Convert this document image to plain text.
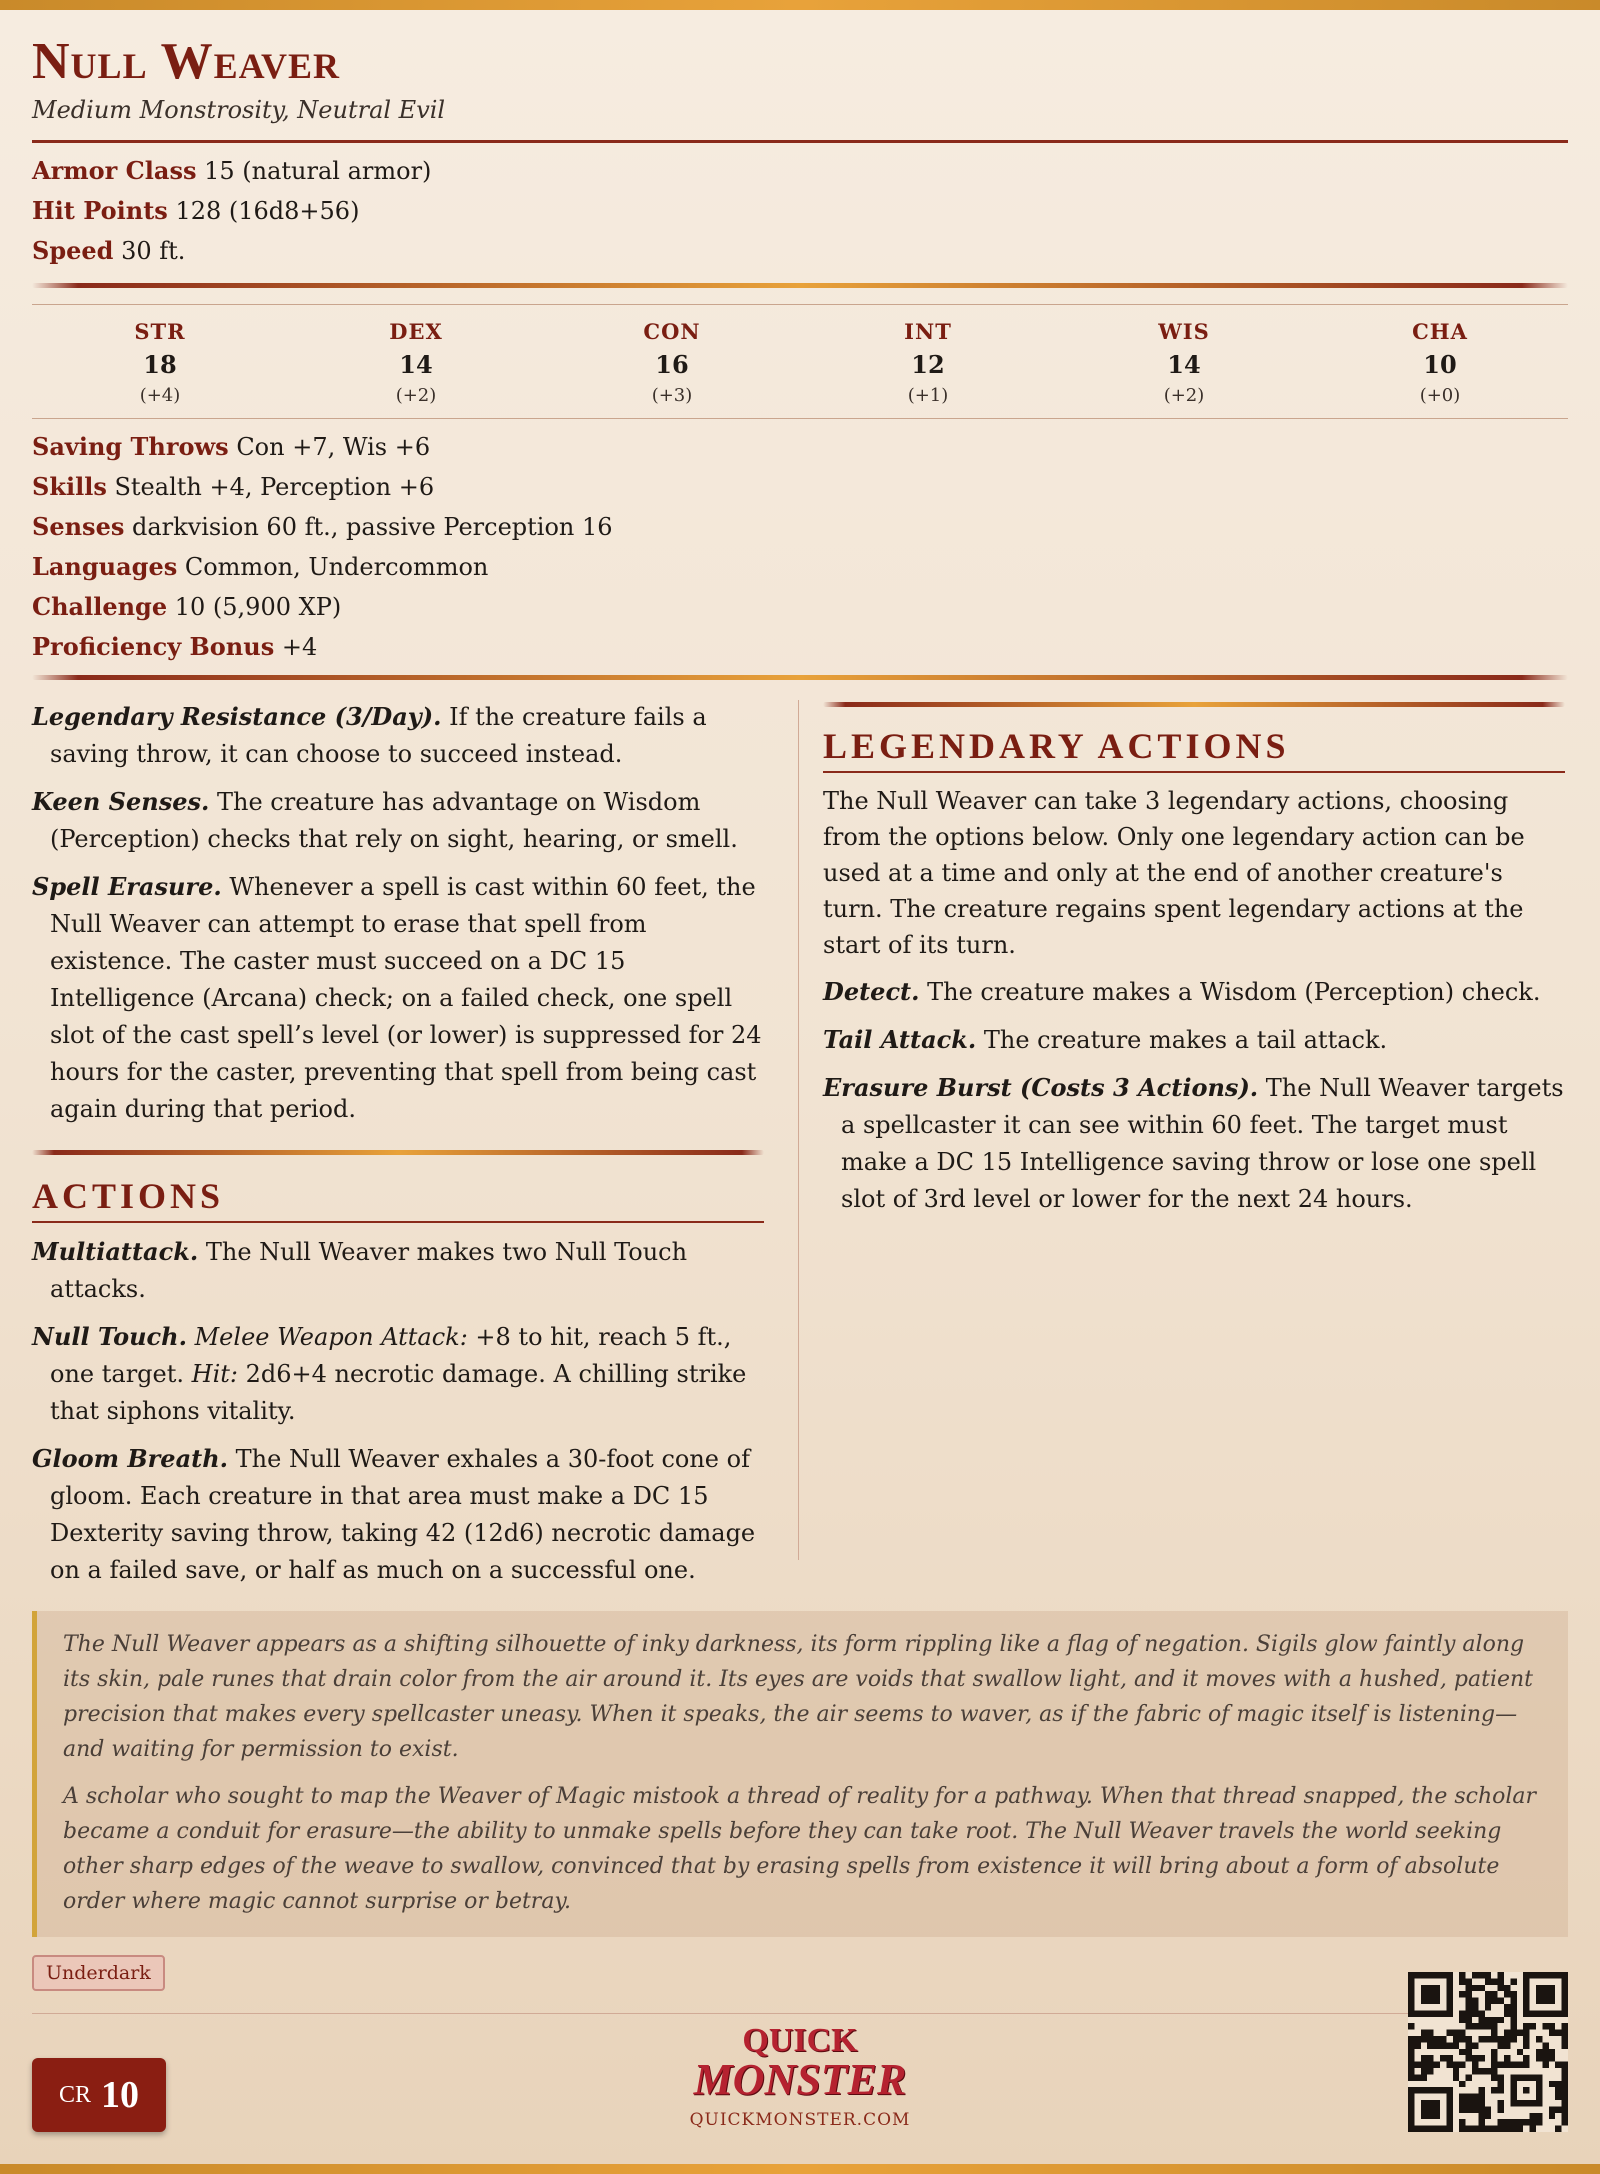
Null Weaver
Medium Monstrosity, Neutral Evil
Armor Class 15 (natural armor)
Hit Points 128 (16d8+56)
Speed 30 ft.
STR
18
(+4)
DEX
14
(+2)
CON
16
(+3)
INT
12
(+1)
WIS
14
(+2)
CHA
10
(+0)
Saving Throws Con +7, Wis +6
Skills Stealth +4, Perception +6
Senses darkvision 60 ft., passive Perception 16
Languages Common, Undercommon
Challenge 10 (5,900 XP)
Proficiency Bonus +4
Legendary Resistance (3/Day). If the creature fails a saving throw, it can choose to succeed instead.
Keen Senses. The creature has advantage on Wisdom (Perception) checks that rely on sight, hearing, or smell.
Spell Erasure. Whenever a spell is cast within 60 feet, the Null Weaver can attempt to erase that spell from existence. The caster must succeed on a DC 15 Intelligence (Arcana) check; on a failed check, one spell slot of the cast spell’s level (or lower) is suppressed for 24 hours for the caster, preventing that spell from being cast again during that period.
ACTIONS
Multiattack. The Null Weaver makes two Null Touch attacks.
Null Touch. Melee Weapon Attack: +8 to hit, reach 5 ft., one target. Hit: 2d6+4 necrotic damage. A chilling strike that siphons vitality.
Gloom Breath. The Null Weaver exhales a 30-foot cone of gloom. Each creature in that area must make a DC 15 Dexterity saving throw, taking 42 (12d6) necrotic damage on a failed save, or half as much on a successful one.
LEGENDARY ACTIONS
The Null Weaver can take 3 legendary actions, choosing from the options below. Only one legendary action can be used at a time and only at the end of another creature's turn. The creature regains spent legendary actions at the start of its turn.
Detect. The creature makes a Wisdom (Perception) check.
Tail Attack. The creature makes a tail attack.
Erasure Burst (Costs 3 Actions). The Null Weaver targets a spellcaster it can see within 60 feet. The target must make a DC 15 Intelligence saving throw or lose one spell slot of 3rd level or lower for the next 24 hours.

The Null Weaver appears as a shifting silhouette of inky darkness, its form rippling like a flag of negation. Sigils glow faintly along its skin, pale runes that drain color from the air around it. Its eyes are voids that swallow light, and it moves with a hushed, patient precision that makes every spellcaster uneasy. When it speaks, the air seems to waver, as if the fabric of magic itself is listening—and waiting for permission to exist.

A scholar who sought to map the Weaver of Magic mistook a thread of reality for a pathway. When that thread snapped, the scholar became a conduit for erasure—the ability to unmake spells before they can take root. The Null Weaver travels the world seeking other sharp edges of the weave to swallow, convinced that by erasing spells from existence it will bring about a form of absolute order where magic cannot surprise or betray.

Underdark
CR 10
QUICK
MONSTER
QUICKMONSTER.COM
